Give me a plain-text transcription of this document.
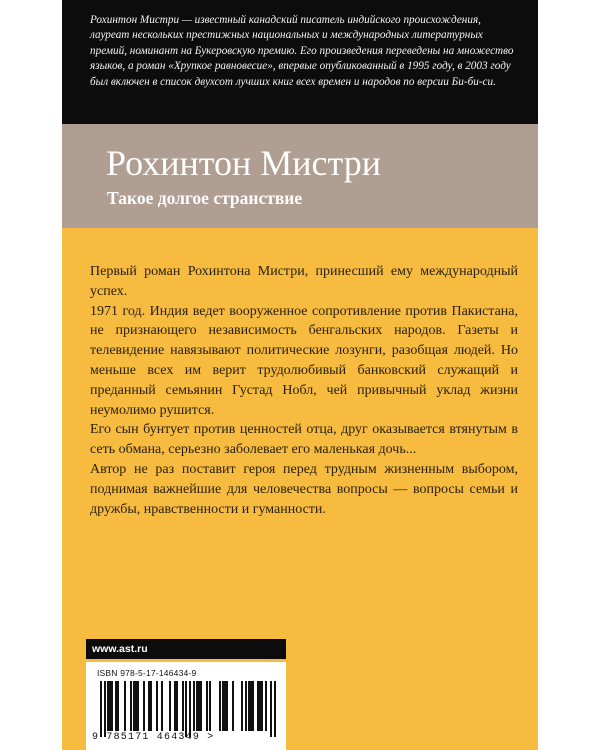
Рохинтон Мистри — известный канадский писатель индийского происхождения, лауреат нескольких престижных национальных и международных литературных премий, номинант на Букеровскую премию. Его произведения переведены на множество языков, а роман «Хрупкое равновесие», впервые опубликованный в 1995 году, в 2003 году был включен в список двухсот лучших книг всех времен и народов по версии Би-би-си.

Рохинтон Мистри
Такое долгое странствие

Первый роман Рохинтона Мистри, принесший ему международный успех.

1971 год. Индия ведет вооруженное сопротивление против Пакистана, не признающего независимость бенгальских народов. Газеты и телевидение навязывают политические лозунги, разобщая людей. Но меньше всех им верит трудолюбивый банковский служащий и преданный семьянин Густад Нобл, чей привычный уклад жизни неумолимо рушится.

Его сын бунтует против ценностей отца, друг оказывается втянутым в сеть обмана, серьезно заболевает его маленькая дочь...

Автор не раз поставит героя перед трудным жизненным выбором, поднимая важнейшие для человечества вопросы — вопросы семьи и дружбы, нравственности и гуманности.

www.ast.ru
ISBN 978-5-17-146434-9
9 785171 464349 >
